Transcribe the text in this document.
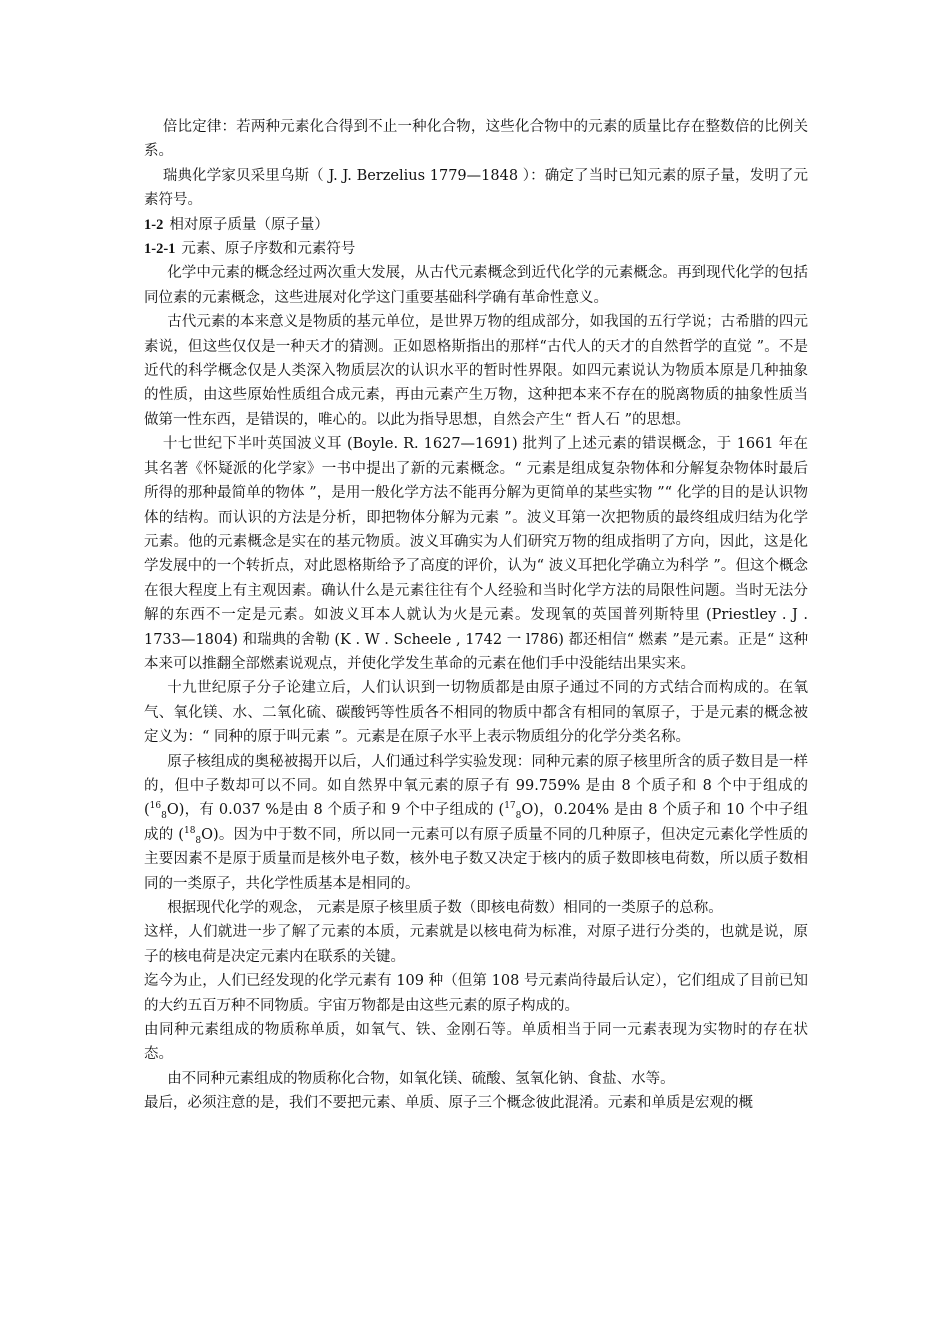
倍比定律：若两种元素化合得到不止一种化合物，这些化合物中的元素的质量比存在整数倍的比例关系。

瑞典化学家贝采里乌斯（ J. J. Berzelius 1779—1848 ）：确定了当时已知元素的原子量，发明了元素符号。

1-2 相对原子质量（原子量）

1-2-1 元素、原子序数和元素符号

化学中元素的概念经过两次重大发展，从古代元素概念到近代化学的元素概念。再到现代化学的包括同位素的元素概念，这些进展对化学这门重要基础科学确有革命性意义。

古代元素的本来意义是物质的基元单位，是世界万物的组成部分，如我国的五行学说；古希腊的四元素说，但这些仅仅是一种天才的猜测。正如恩格斯指出的那样“古代人的天才的自然哲学的直觉 ”。不是近代的科学概念仅是人类深入物质层次的认识水平的暂时性界限。如四元素说认为物质本原是几种抽象的性质，由这些原始性质组合成元素，再由元素产生万物，这种把本来不存在的脱离物质的抽象性质当做第一性东西，是错误的，唯心的。以此为指导思想，自然会产生“ 哲人石 ”的思想。

十七世纪下半叶英国波义耳 (Boyle. R. 1627—1691) 批判了上述元素的错误概念，于 1661 年在其名著《怀疑派的化学家》一书中提出了新的元素概念。“ 元素是组成复杂物体和分解复杂物体时最后所得的那种最简单的物体 ”，是用一般化学方法不能再分解为更简单的某些实物 ”“ 化学的目的是认识物体的结构。而认识的方法是分析，即把物体分解为元素 ”。波义耳第一次把物质的最终组成归结为化学元素。他的元素概念是实在的基元物质。波义耳确实为人们研究万物的组成指明了方向，因此，这是化学发展中的一个转折点，对此恩格斯给予了高度的评价，认为“ 波义耳把化学确立为科学 ”。但这个概念在很大程度上有主观因素。确认什么是元素往往有个人经验和当时化学方法的局限性问题。当时无法分解的东西不一定是元素。如波义耳本人就认为火是元素。发现氧的英国普列斯特里 (Priestley . J . 1733—1804) 和瑞典的舍勒 (K . W . Scheele , 1742 一 l786) 都还相信“ 燃素 ”是元素。正是“ 这种本来可以推翻全部燃素说观点，并使化学发生革命的元素在他们手中没能结出果实来。

十九世纪原子分子论建立后，人们认识到一切物质都是由原子通过不同的方式结合而构成的。在氧气、氧化镁、水、二氧化硫、碳酸钙等性质各不相同的物质中都含有相同的氧原子，于是元素的概念被定义为：“ 同种的原于叫元素 ”。元素是在原子水平上表示物质组分的化学分类名称。

原子核组成的奥秘被揭开以后，人们通过科学实验发现：同种元素的原子核里所含的质子数目是一样的，但中子数却可以不同。如自然界中氧元素的原子有 99.759% 是由 8 个质子和 8 个中于组成的 ($^{16}_8$O)，有 0.037 %是由 8 个质子和 9 个中子组成的 ($^{17}_8$O)，0.204% 是由 8 个质子和 10 个中子组成的 ($^{18}_8$O)。因为中于数不同，所以同一元素可以有原子质量不同的几种原子，但决定元素化学性质的主要因素不是原于质量而是核外电子数，核外电子数又决定于核内的质子数即核电荷数，所以质子数相同的一类原子，共化学性质基本是相同的。

根据现代化学的观念， 元素是原子核里质子数（即核电荷数）相同的一类原子的总称。

这样，人们就进一步了解了元素的本质，元素就是以核电荷为标准，对原子进行分类的，也就是说，原子的核电荷是决定元素内在联系的关键。

迄今为止，人们已经发现的化学元素有 109 种（但第 108 号元素尚待最后认定），它们组成了目前已知的大约五百万种不同物质。宇宙万物都是由这些元素的原子构成的。

由同种元素组成的物质称单质，如氧气、铁、金刚石等。单质相当于同一元素表现为实物时的存在状态。

由不同种元素组成的物质称化合物，如氧化镁、硫酸、氢氧化钠、食盐、水等。

最后，必须注意的是，我们不要把元素、单质、原子三个概念彼此混淆。元素和单质是宏观的概
